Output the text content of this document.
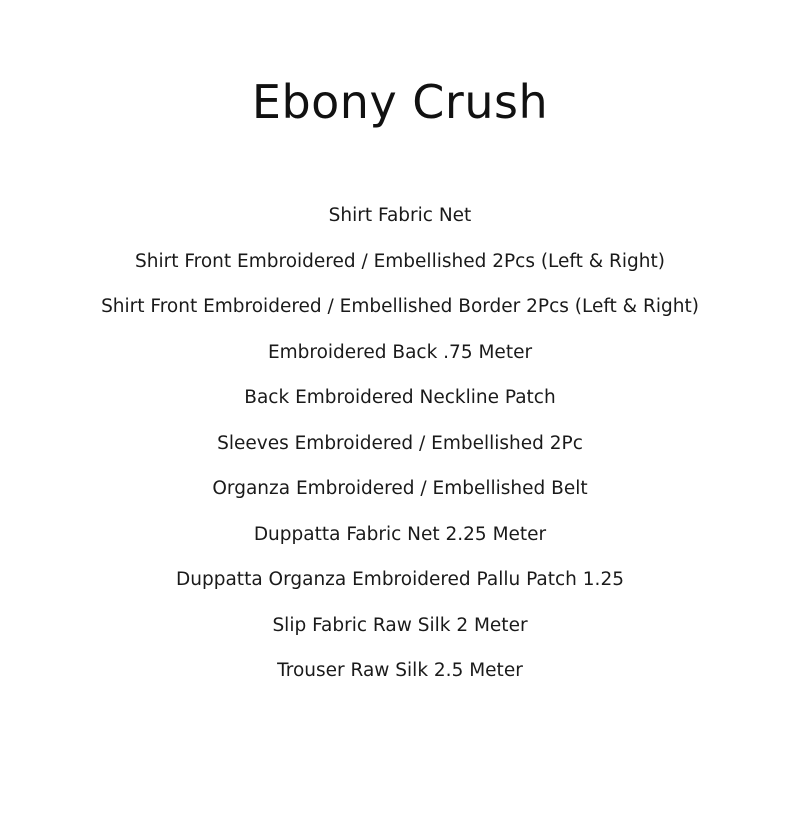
Ebony Crush
Shirt Fabric Net
Shirt Front Embroidered / Embellished 2Pcs (Left & Right)
Shirt Front Embroidered / Embellished Border 2Pcs (Left & Right)
Embroidered Back .75 Meter
Back Embroidered Neckline Patch
Sleeves Embroidered / Embellished 2Pc
Organza Embroidered / Embellished Belt
Duppatta Fabric Net 2.25 Meter
Duppatta Organza Embroidered Pallu Patch 1.25
Slip Fabric Raw Silk 2 Meter
Trouser Raw Silk 2.5 Meter
